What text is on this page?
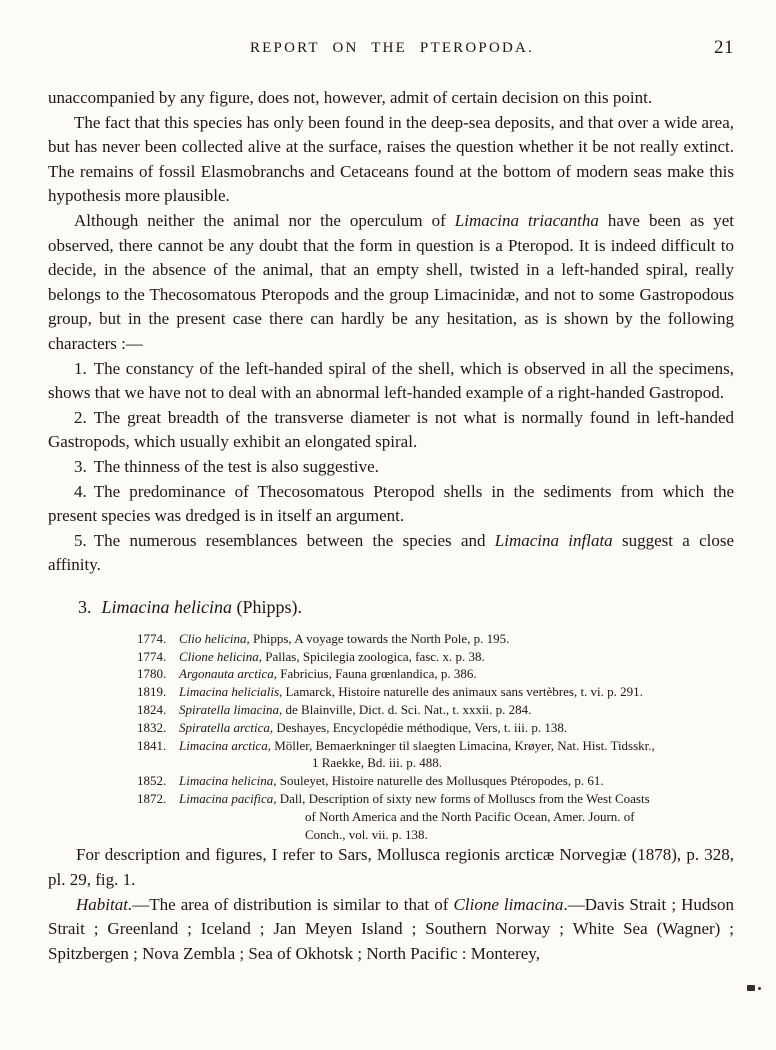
REPORT ON THE PTEROPODA.	21

unaccompanied by any figure, does not, however, admit of certain decision on this point.

The fact that this species has only been found in the deep-sea deposits, and that over a wide area, but has never been collected alive at the surface, raises the question whether it be not really extinct. The remains of fossil Elasmobranchs and Cetaceans found at the bottom of modern seas make this hypothesis more plausible.

Although neither the animal nor the operculum of Limacina triacantha have been as yet observed, there cannot be any doubt that the form in question is a Pteropod. It is indeed difficult to decide, in the absence of the animal, that an empty shell, twisted in a left-handed spiral, really belongs to the Thecosomatous Pteropods and the group Limacinidæ, and not to some Gastropodous group, but in the present case there can hardly be any hesitation, as is shown by the following characters :—

1. The constancy of the left-handed spiral of the shell, which is observed in all the specimens, shows that we have not to deal with an abnormal left-handed example of a right-handed Gastropod.

2. The great breadth of the transverse diameter is not what is normally found in left-handed Gastropods, which usually exhibit an elongated spiral.

3. The thinness of the test is also suggestive.

4. The predominance of Thecosomatous Pteropod shells in the sediments from which the present species was dredged is in itself an argument.

5. The numerous resemblances between the species and Limacina inflata suggest a close affinity.

3. Limacina helicina (Phipps).
1774. Clio helicina, Phipps, A voyage towards the North Pole, p. 195.
1774. Clione helicina, Pallas, Spicilegia zoologica, fasc. x. p. 38.
1780. Argonauta arctica, Fabricius, Fauna grœnlandica, p. 386.
1819. Limacina helicialis, Lamarck, Histoire naturelle des animaux sans vertèbres, t. vi. p. 291.
1824. Spiratella limacina, de Blainville, Dict. d. Sci. Nat., t. xxxii. p. 284.
1832. Spiratella arctica, Deshayes, Encyclopédie méthodique, Vers, t. iii. p. 138.
1841. Limacina arctica, Möller, Bemaerkninger til slaegten Limacina, Krøyer, Nat. Hist. Tidsskr.,
1 Raekke, Bd. iii. p. 488.
1852. Limacina helicina, Souleyet, Histoire naturelle des Mollusques Ptéropodes, p. 61.
1872. Limacina pacifica, Dall, Description of sixty new forms of Molluscs from the West Coasts
of North America and the North Pacific Ocean, Amer. Journ. of
Conch., vol. vii. p. 138.

For description and figures, I refer to Sars, Mollusca regionis arcticæ Norvegiæ (1878), p. 328, pl. 29, fig. 1.

Habitat.—The area of distribution is similar to that of Clione limacina.—Davis Strait ; Hudson Strait ; Greenland ; Iceland ; Jan Meyen Island ; Southern Norway ; White Sea (Wagner) ; Spitzbergen ; Nova Zembla ; Sea of Okhotsk ; North Pacific : Monterey,
